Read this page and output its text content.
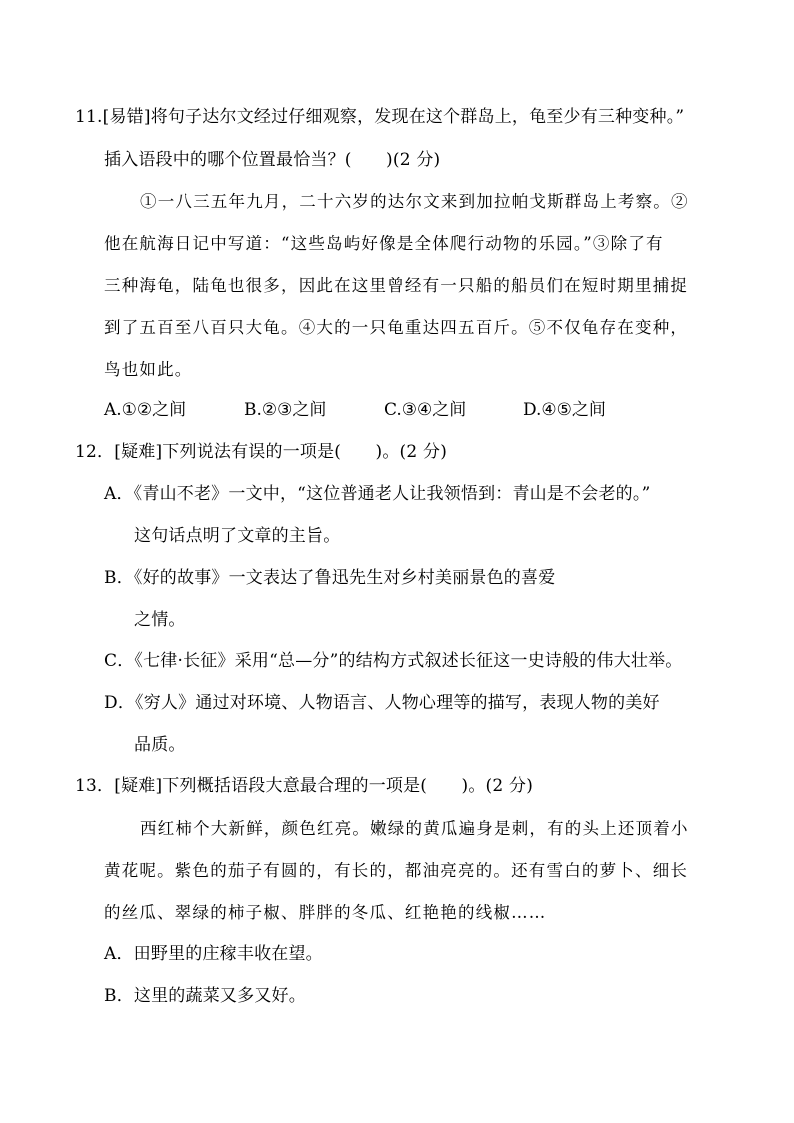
11.[易错]将句子达尔文经过仔细观察，发现在这个群岛上，龟至少有三种变种。”
插入语段中的哪个位置最恰当？(　　)(2 分)
①一八三五年九月，二十六岁的达尔文来到加拉帕戈斯群岛上考察。②
他在航海日记中写道：“这些岛屿好像是全体爬行动物的乐园。”③除了有
三种海龟，陆龟也很多，因此在这里曾经有一只船的船员们在短时期里捕捉
到了五百至八百只大龟。④大的一只龟重达四五百斤。⑤不仅龟存在变种，
鸟也如此。
A.①②之间	B.②③之间	C.③④之间	D.④⑤之间
12．[疑难]下列说法有误的一项是(　　)。(2 分)
A．《青山不老》一文中，“这位普通老人让我领悟到：青山是不会老的。”
这句话点明了文章的主旨。
B．《好的故事》一文表达了鲁迅先生对乡村美丽景色的喜爱
之情。
C．《七律·长征》采用“总—分”的结构方式叙述长征这一史诗般的伟大壮举。
D．《穷人》通过对环境、人物语言、人物心理等的描写，表现人物的美好
品质。
13．[疑难]下列概括语段大意最合理的一项是(　　)。(2 分)
西红柿个大新鲜，颜色红亮。嫩绿的黄瓜遍身是刺，有的头上还顶着小
黄花呢。紫色的茄子有圆的，有长的，都油亮亮的。还有雪白的萝卜、细长
的丝瓜、翠绿的柿子椒、胖胖的冬瓜、红艳艳的线椒……
A．田野里的庄稼丰收在望。
B．这里的蔬菜又多又好。
